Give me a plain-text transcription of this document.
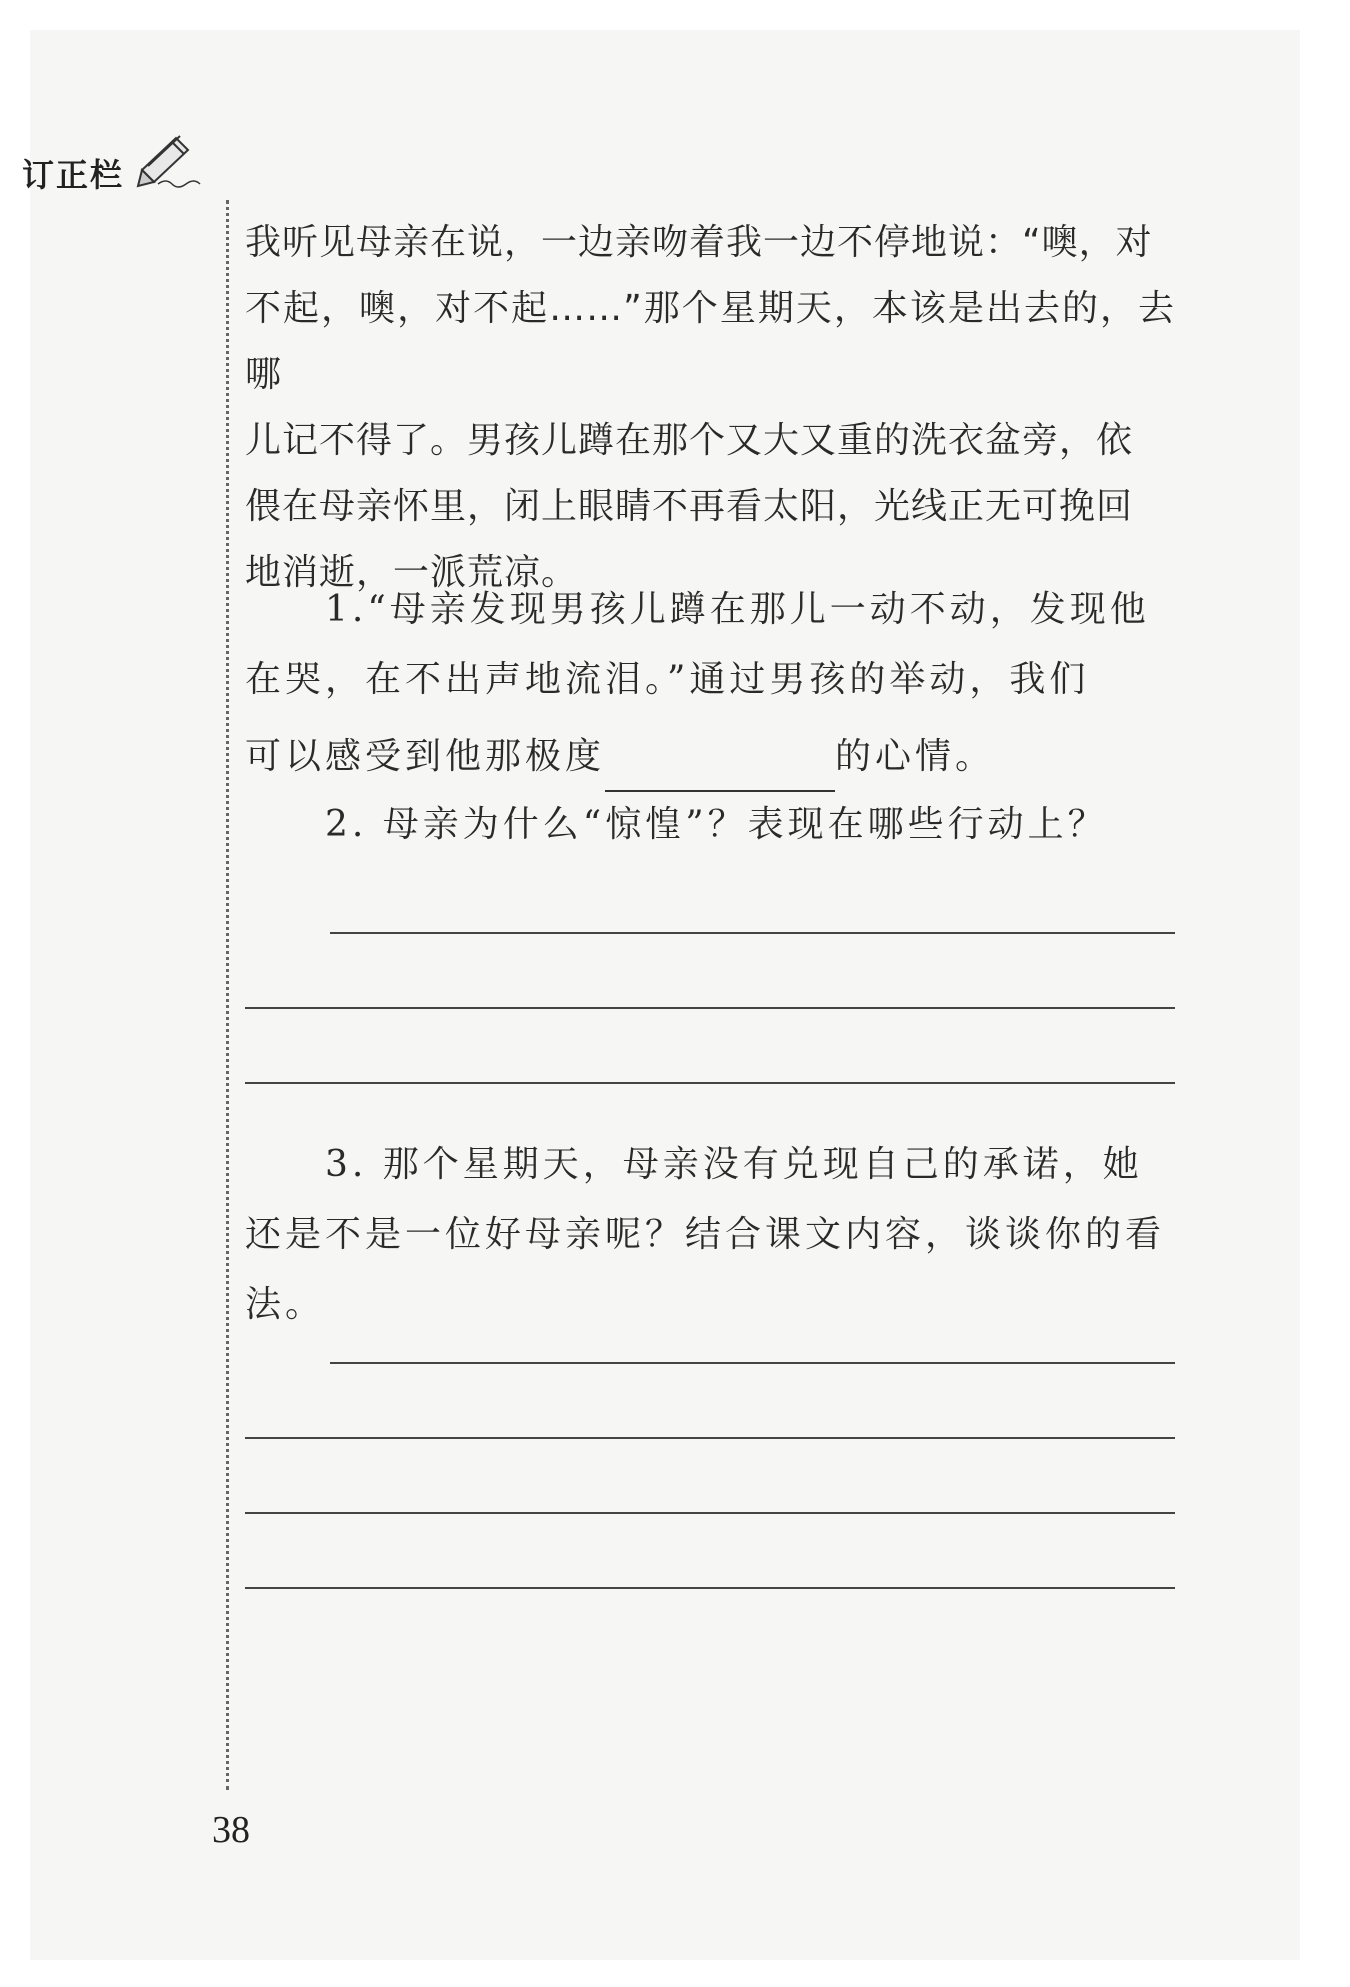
订正栏

我听见母亲在说，一边亲吻着我一边不停地说：“噢，对

不起，噢，对不起……”那个星期天，本该是出去的，去哪

儿记不得了。男孩儿蹲在那个又大又重的洗衣盆旁，依

偎在母亲怀里，闭上眼睛不再看太阳，光线正无可挽回

地消逝，一派荒凉。

1.“母亲发现男孩儿蹲在那儿一动不动，发现他在哭，在不出声地流泪。”通过男孩的举动，我们

可以感受到他那极度	的心情。

2. 母亲为什么“惊惶”？表现在哪些行动上？

3. 那个星期天，母亲没有兑现自己的承诺，她还是不是一位好母亲呢？结合课文内容，谈谈你的看法。

38
